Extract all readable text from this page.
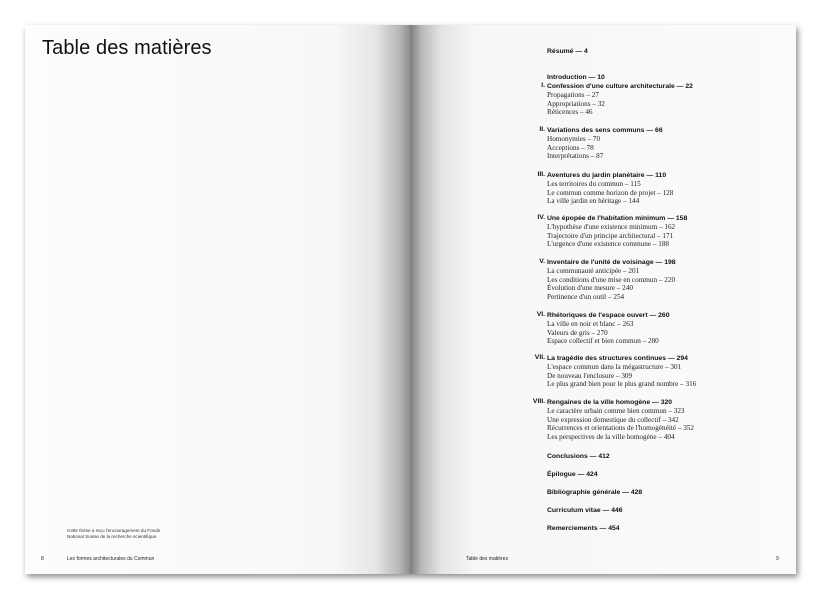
Table des matières
Cette thèse a reçu l'encouragement du Fonds
National Suisse de la recherche scientifique.
8	Les formes architecturales du Commun
Résumé — 4
Introduction — 10
I. Confession d'une culture architecturale — 22
Propagations – 27
Appropriations – 32
Réticences – 46
II. Variations des sens communs — 66
Homonymies – 70
Acceptions – 78
Interprétations – 87
III. Aventures du jardin planétaire — 110
Les territoires du commun – 115
Le commun comme horizon de projet – 128
La ville jardin en héritage – 144
IV. Une épopée de l'habitation minimum — 158
L'hypothèse d'une existence minimum – 162
Trajectoire d'un principe architectural – 171
L'urgence d'une existence commune – 188
V. Inventaire de l'unité de voisinage — 198
La communauté anticipée – 201
Les conditions d'une mise en commun – 220
Évolution d'une mesure – 240
Pertinence d'un outil – 254
VI. Rhétoriques de l'espace ouvert — 260
La ville en noir et blanc – 263
Valeurs de gris – 270
Espace collectif et bien commun – 280
VII. La tragédie des structures continues — 294
L'espace commun dans la mégastructure – 301
De nouveau l'enclosure – 309
Le plus grand bien pour le plus grand nombre – 316
VIII. Rengaines de la ville homogène — 320
Le caractère urbain comme bien commun – 323
Une expression domestique du collectif – 342
Récurrences et orientations de l'homogénéité – 352
Les perspectives de la ville homogène – 404
Conclusions — 412
Épilogue — 424
Bibliographie générale — 428
Curriculum vitae — 446
Remerciements — 454
Table des matières	9
